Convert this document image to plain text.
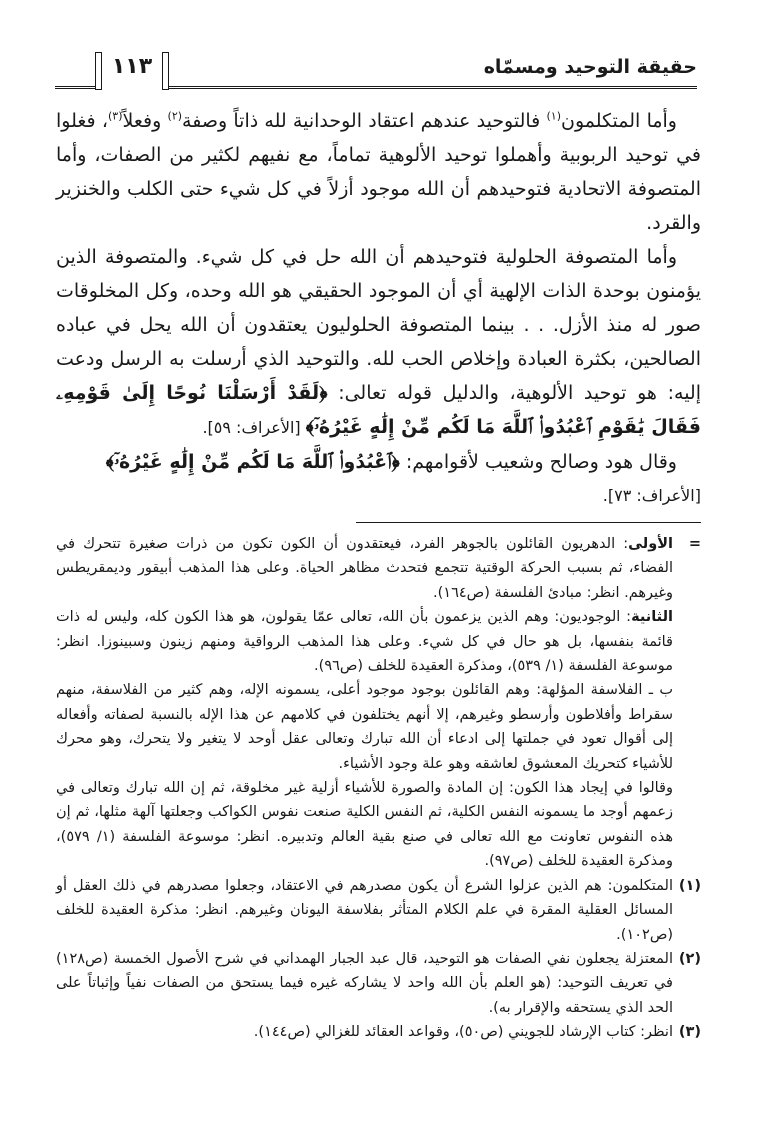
حقيقة التوحيد ومسمّاه
١١٣

وأما المتكلمون$^{(١)}$ فالتوحيد عندهم اعتقاد الوحدانية لله ذاتاً وصفة$^{(٢)}$ وفعلاً$^{(٣)}$، فغلوا في توحيد الربوبية وأهملوا توحيد الألوهية تماماً، مع نفيهم لكثير من الصفات، وأما المتصوفة الاتحادية فتوحيدهم أن الله موجود أزلاً في كل شيء حتى الكلب والخنزير والقرد.

وأما المتصوفة الحلولية فتوحيدهم أن الله حل في كل شيء. والمتصوفة الذين يؤمنون بوحدة الذات الإلهية أي أن الموجود الحقيقي هو الله وحده، وكل المخلوقات صور له منذ الأزل. . . بينما المتصوفة الحلوليون يعتقدون أن الله يحل في عباده الصالحين، بكثرة العبادة وإخلاص الحب لله. والتوحيد الذي أرسلت به الرسل ودعت إليه: هو توحيد الألوهية، والدليل قوله تعالى: ﴿لَقَدْ أَرْسَلْنَا نُوحًا إِلَىٰ قَوْمِهِۦ فَقَالَ يَٰقَوْمِ ٱعْبُدُوا۟ ٱللَّهَ مَا لَكُم مِّنْ إِلَٰهٍ غَيْرُهُۥٓ﴾ [الأعراف: ٥٩].

وقال هود وصالح وشعيب لأقوامهم: ﴿ٱعْبُدُوا۟ ٱللَّهَ مَا لَكُم مِّنْ إِلَٰهٍ غَيْرُهُۥٓ﴾

[الأعراف: ٧٣].

=
الأولى: الدهريون القائلون بالجوهر الفرد، فيعتقدون أن الكون تكون من ذرات صغيرة تتحرك في الفضاء، ثم بسبب الحركة الوقتية تتجمع فتحدث مظاهر الحياة. وعلى هذا المذهب أبيقور وديمقريطس وغيرهم. انظر: مبادئ الفلسفة (ص١٦٤).
الثانية: الوجوديون: وهم الذين يزعمون بأن الله، تعالى عمّا يقولون، هو هذا الكون كله، وليس له ذات قائمة بنفسها، بل هو حال في كل شيء. وعلى هذا المذهب الرواقية ومنهم زينون وسبينوزا. انظر: موسوعة الفلسفة (١/ ٥٣٩)، ومذكرة العقيدة للخلف (ص٩٦).
ب ـ الفلاسفة المؤلهة: وهم القائلون بوجود موجود أعلى، يسمونه الإله، وهم كثير من الفلاسفة، منهم سقراط وأفلاطون وأرسطو وغيرهم، إلا أنهم يختلفون في كلامهم عن هذا الإله بالنسبة لصفاته وأفعاله إلى أقوال تعود في جملتها إلى ادعاء أن الله تبارك وتعالى عقل أوحد لا يتغير ولا يتحرك، وهو محرك للأشياء كتحريك المعشوق لعاشقه وهو علة وجود الأشياء.
وقالوا في إيجاد هذا الكون: إن المادة والصورة للأشياء أزلية غير مخلوقة، ثم إن الله تبارك وتعالى في زعمهم أوجد ما يسمونه النفس الكلية، ثم النفس الكلية صنعت نفوس الكواكب وجعلتها آلهة مثلها، ثم إن هذه النفوس تعاونت مع الله تعالى في صنع بقية العالم وتدبيره. انظر: موسوعة الفلسفة (١/ ٥٧٩)، ومذكرة العقيدة للخلف (ص٩٧).
(١)
المتكلمون: هم الذين عزلوا الشرع أن يكون مصدرهم في الاعتقاد، وجعلوا مصدرهم في ذلك العقل أو المسائل العقلية المقرة في علم الكلام المتأثر بفلاسفة اليونان وغيرهم. انظر: مذكرة العقيدة للخلف (ص١٠٢).
(٢)
المعتزلة يجعلون نفي الصفات هو التوحيد، قال عبد الجبار الهمداني في شرح الأصول الخمسة (ص١٢٨) في تعريف التوحيد: (هو العلم بأن الله واحد لا يشاركه غيره فيما يستحق من الصفات نفياً وإثباتاً على الحد الذي يستحقه والإقرار به).
(٣)
انظر: كتاب الإرشاد للجويني (ص٥٠)، وقواعد العقائد للغزالي (ص١٤٤).
